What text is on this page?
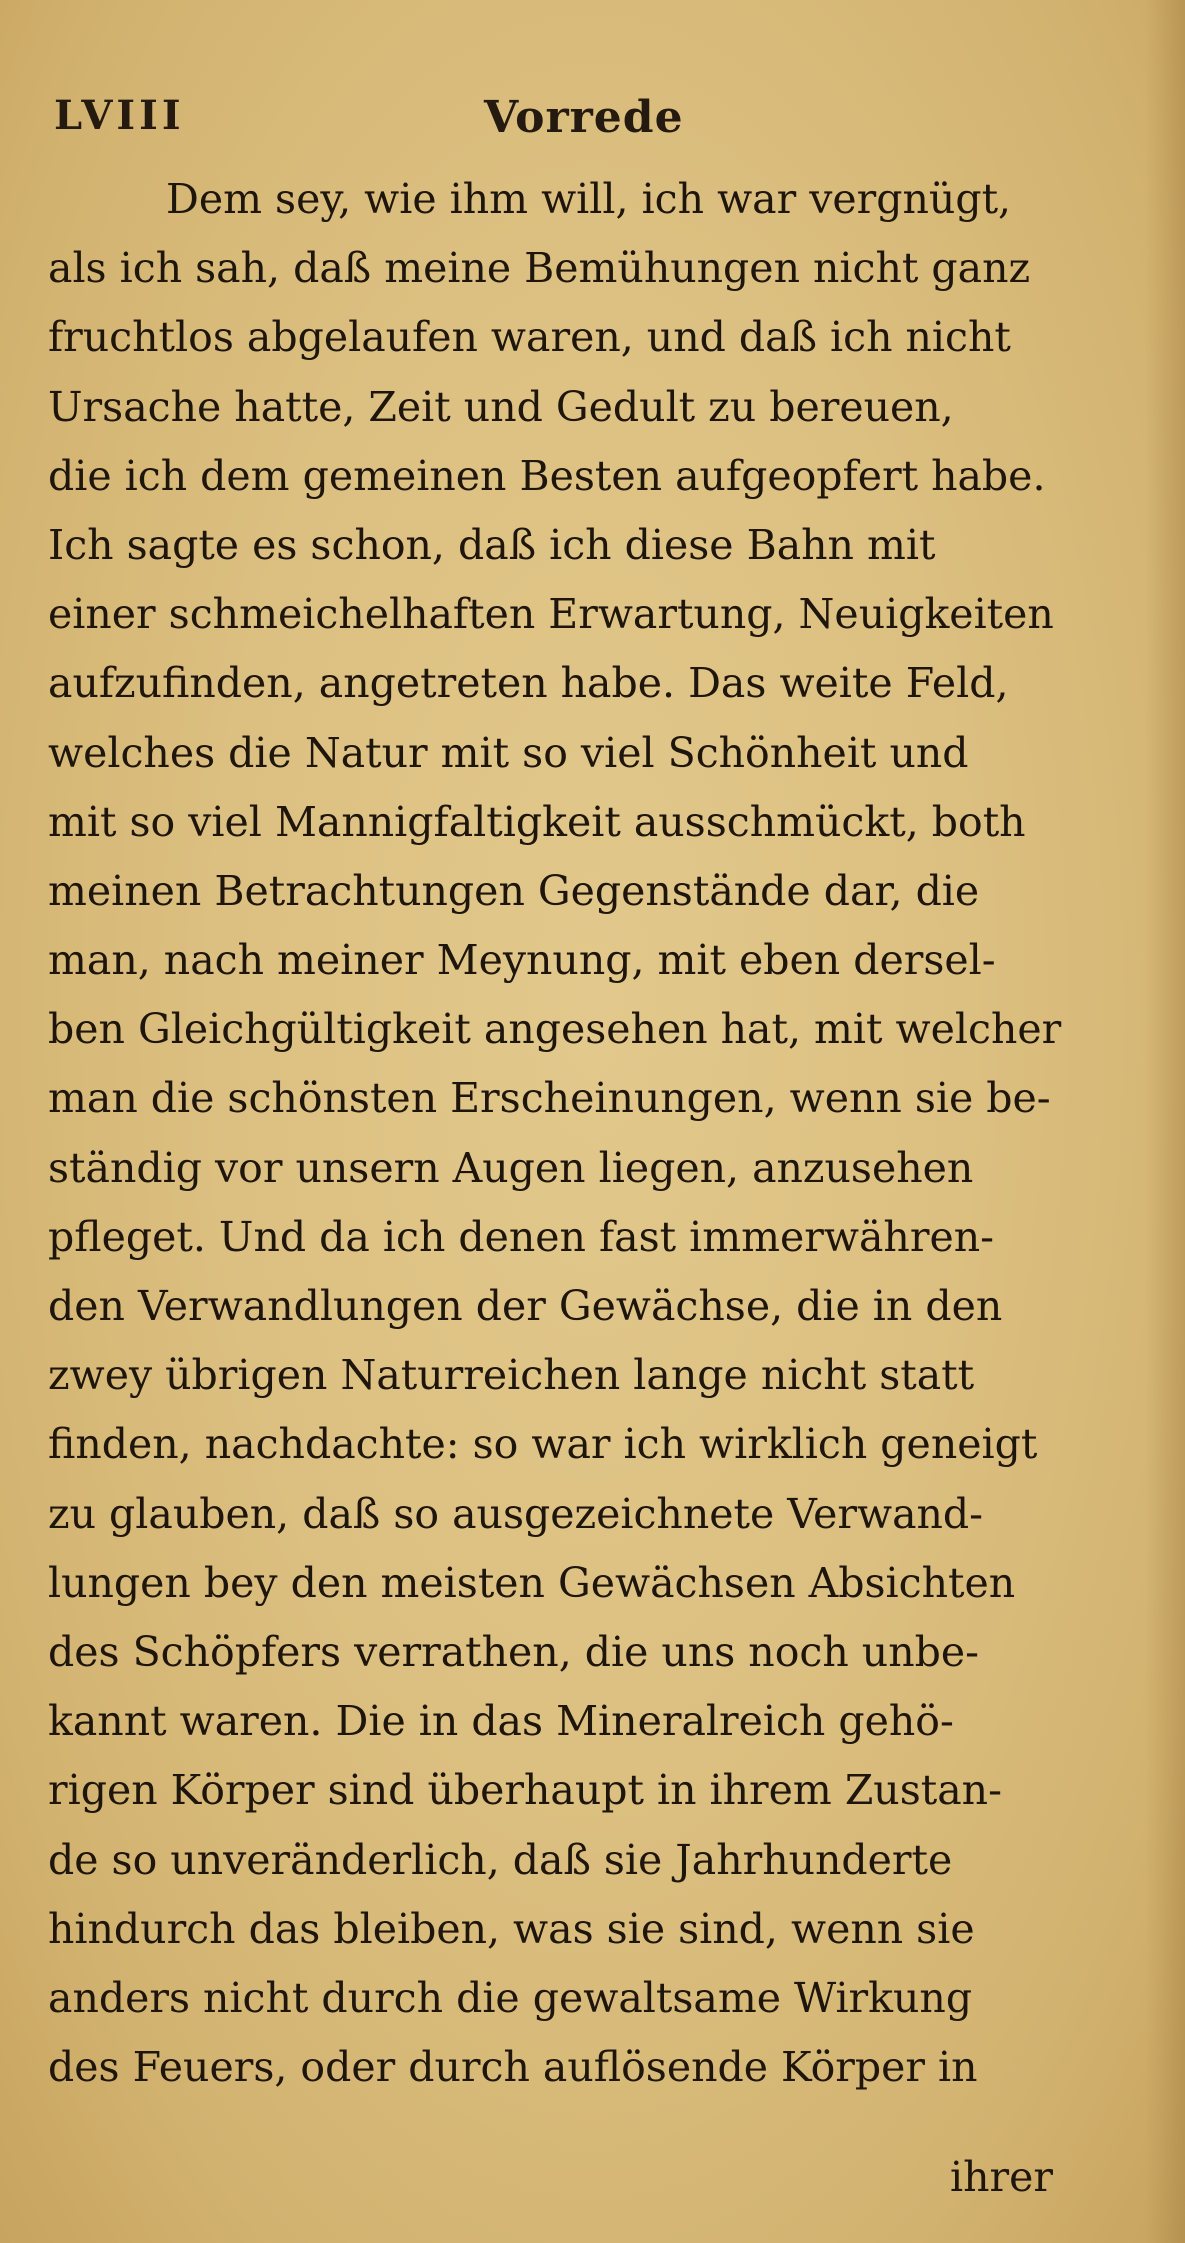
LVIII	Vorrede
Dem sey, wie ihm will, ich war vergnügt,
als ich sah, daß meine Bemühungen nicht ganz
fruchtlos abgelaufen waren, und daß ich nicht
Ursache hatte, Zeit und Gedult zu bereuen,
die ich dem gemeinen Besten aufgeopfert habe.
Ich sagte es schon, daß ich diese Bahn mit
einer schmeichelhaften Erwartung, Neuigkeiten
aufzufinden, angetreten habe. Das weite Feld,
welches die Natur mit so viel Schönheit und
mit so viel Mannigfaltigkeit ausschmückt, both
meinen Betrachtungen Gegenstände dar, die
man, nach meiner Meynung, mit eben dersel-
ben Gleichgültigkeit angesehen hat, mit welcher
man die schönsten Erscheinungen, wenn sie be-
ständig vor unsern Augen liegen, anzusehen
pfleget. Und da ich denen fast immerwähren-
den Verwandlungen der Gewächse, die in den
zwey übrigen Naturreichen lange nicht statt
finden, nachdachte: so war ich wirklich geneigt
zu glauben, daß so ausgezeichnete Verwand-
lungen bey den meisten Gewächsen Absichten
des Schöpfers verrathen, die uns noch unbe-
kannt waren. Die in das Mineralreich gehö-
rigen Körper sind überhaupt in ihrem Zustan-
de so unveränderlich, daß sie Jahrhunderte
hindurch das bleiben, was sie sind, wenn sie
anders nicht durch die gewaltsame Wirkung
des Feuers, oder durch auflösende Körper in
ihrer
